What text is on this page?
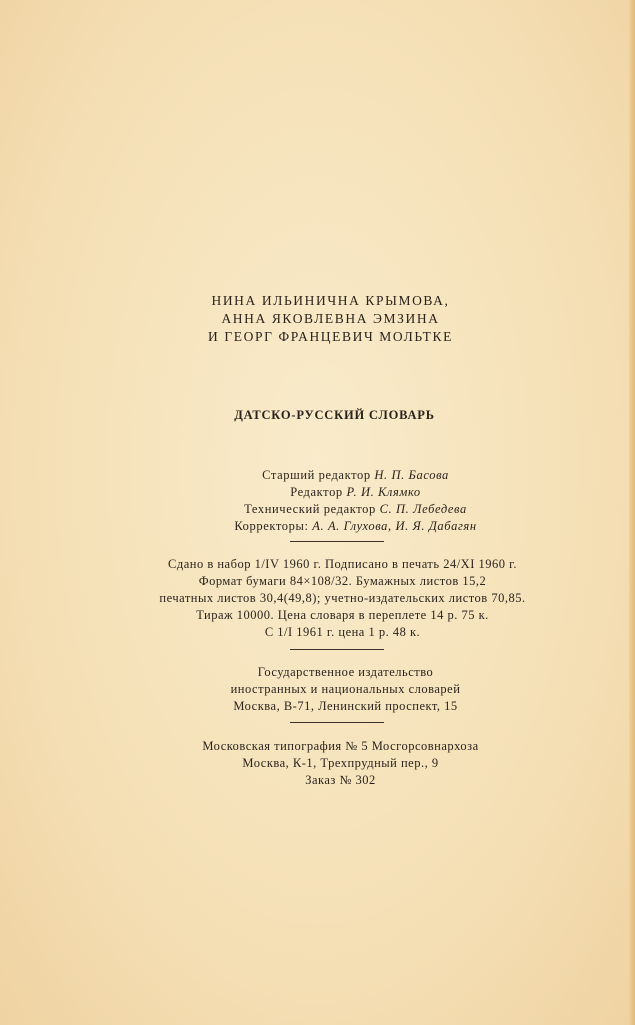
НИНА ИЛЬИНИЧНА КРЫМОВА,
АННА ЯКОВЛЕВНА ЭМЗИНА
И ГЕОРГ ФРАНЦЕВИЧ МОЛЬТКЕ
ДАТСКО-РУССКИЙ СЛОВАРЬ
Старший редактор Н. П. Басова
Редактор Р. И. Клямко
Технический редактор С. П. Лебедева
Корректоры: А. А. Глухова, И. Я. Дабагян
Сдано в набор 1/IV 1960 г. Подписано в печать 24/XI 1960 г.
Формат бумаги 84×108/32. Бумажных листов 15,2
печатных листов 30,4(49,8); учетно-издательских листов 70,85.
Тираж 10000. Цена словаря в переплете 14 р. 75 к.
С 1/I 1961 г. цена 1 р. 48 к.
Государственное издательство
иностранных и национальных словарей
Москва, В-71, Ленинский проспект, 15
Московская типография № 5 Мосгорсовнархоза
Москва, К-1, Трехпрудный пер., 9
Заказ № 302
